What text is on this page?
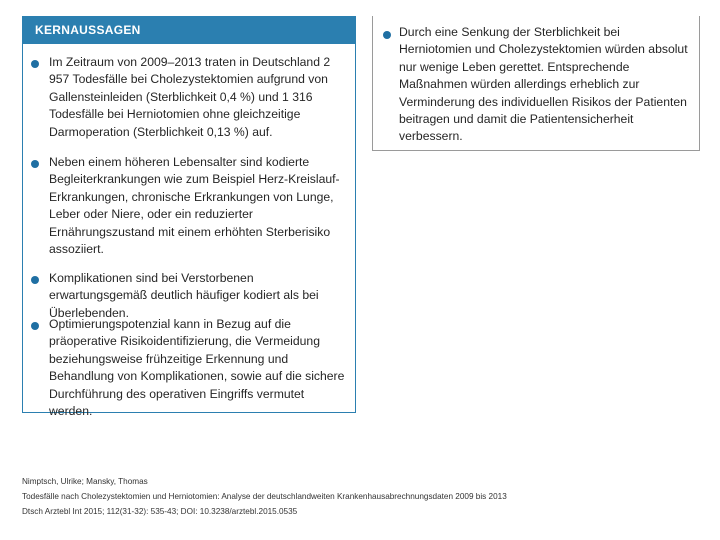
KERNAUSSAGEN
Im Zeitraum von 2009–2013 traten in Deutschland 2 957 Todesfälle bei Cholezystektomien aufgrund von Gallensteinleiden (Sterblichkeit 0,4 %) und 1 316 Todesfälle bei Herniotomien ohne gleichzeitige Darmoperation (Sterblichkeit 0,13 %) auf.
Neben einem höheren Lebensalter sind kodierte Begleiterkrankungen wie zum Beispiel Herz-Kreislauf-Erkrankungen, chronische Erkrankungen von Lunge, Leber oder Niere, oder ein reduzierter Ernährungszustand mit einem erhöhten Sterberisiko assoziiert.
Komplikationen sind bei Verstorbenen erwartungsgemäß deutlich häufiger kodiert als bei Überlebenden.
Optimierungspotenzial kann in Bezug auf die präoperative Risikoidentifizierung, die Vermeidung beziehungsweise frühzeitige Erkennung und Behandlung von Komplikationen, sowie auf die sichere Durchführung des operativen Eingriffs vermutet werden.
Durch eine Senkung der Sterblichkeit bei Herniotomien und Cholezystektomien würden absolut nur wenige Leben gerettet. Entsprechende Maßnahmen würden allerdings erheblich zur Verminderung des individuellen Risikos der Patienten beitragen und damit die Patientensicherheit verbessern.
Nimptsch, Ulrike; Mansky, Thomas
Todesfälle nach Cholezystektomien und Herniotomien: Analyse der deutschlandweiten Krankenhausabrechnungsdaten 2009 bis 2013
Dtsch Arztebl Int 2015; 112(31-32): 535-43; DOI: 10.3238/arztebl.2015.0535
